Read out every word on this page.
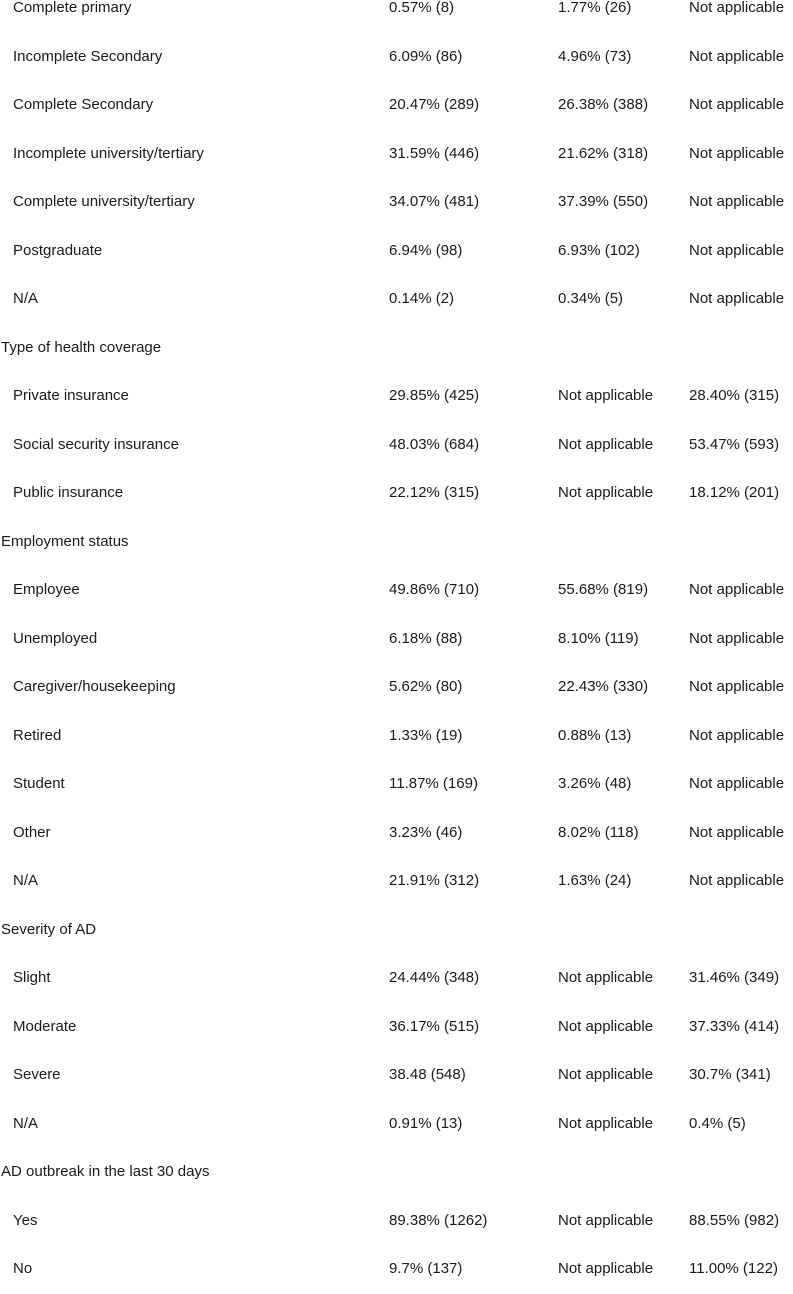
Complete primary	0.57% (8)	1.77% (26)	Not applicable
Incomplete Secondary	6.09% (86)	4.96% (73)	Not applicable
Complete Secondary	20.47% (289)	26.38% (388)	Not applicable
Incomplete university/tertiary	31.59% (446)	21.62% (318)	Not applicable
Complete university/tertiary	34.07% (481)	37.39% (550)	Not applicable
Postgraduate	6.94% (98)	6.93% (102)	Not applicable
N/A	0.14% (2)	0.34% (5)	Not applicable
Type of health coverage
Private insurance	29.85% (425)	Not applicable 28.40% (315)
Social security insurance	48.03% (684)	Not applicable 53.47% (593)
Public insurance	22.12% (315)	Not applicable 18.12% (201)
Employment status
Employee	49.86% (710)	55.68% (819)	Not applicable
Unemployed	6.18% (88)	8.10% (119)	Not applicable
Caregiver/housekeeping	5.62% (80)	22.43% (330)	Not applicable
Retired	1.33% (19)	0.88% (13)	Not applicable
Student	11.87% (169)	3.26% (48)	Not applicable
Other	3.23% (46)	8.02% (118)	Not applicable
N/A	21.91% (312)	1.63% (24)	Not applicable
Severity of AD
Slight	24.44% (348)	Not applicable 31.46% (349)
Moderate	36.17% (515)	Not applicable 37.33% (414)
Severe	38.48 (548)	Not applicable 30.7% (341)
N/A	0.91% (13)	Not applicable 0.4% (5)
AD outbreak in the last 30 days
Yes	89.38% (1262)	Not applicable 88.55% (982)
No	9.7% (137)	Not applicable 11.00% (122)
